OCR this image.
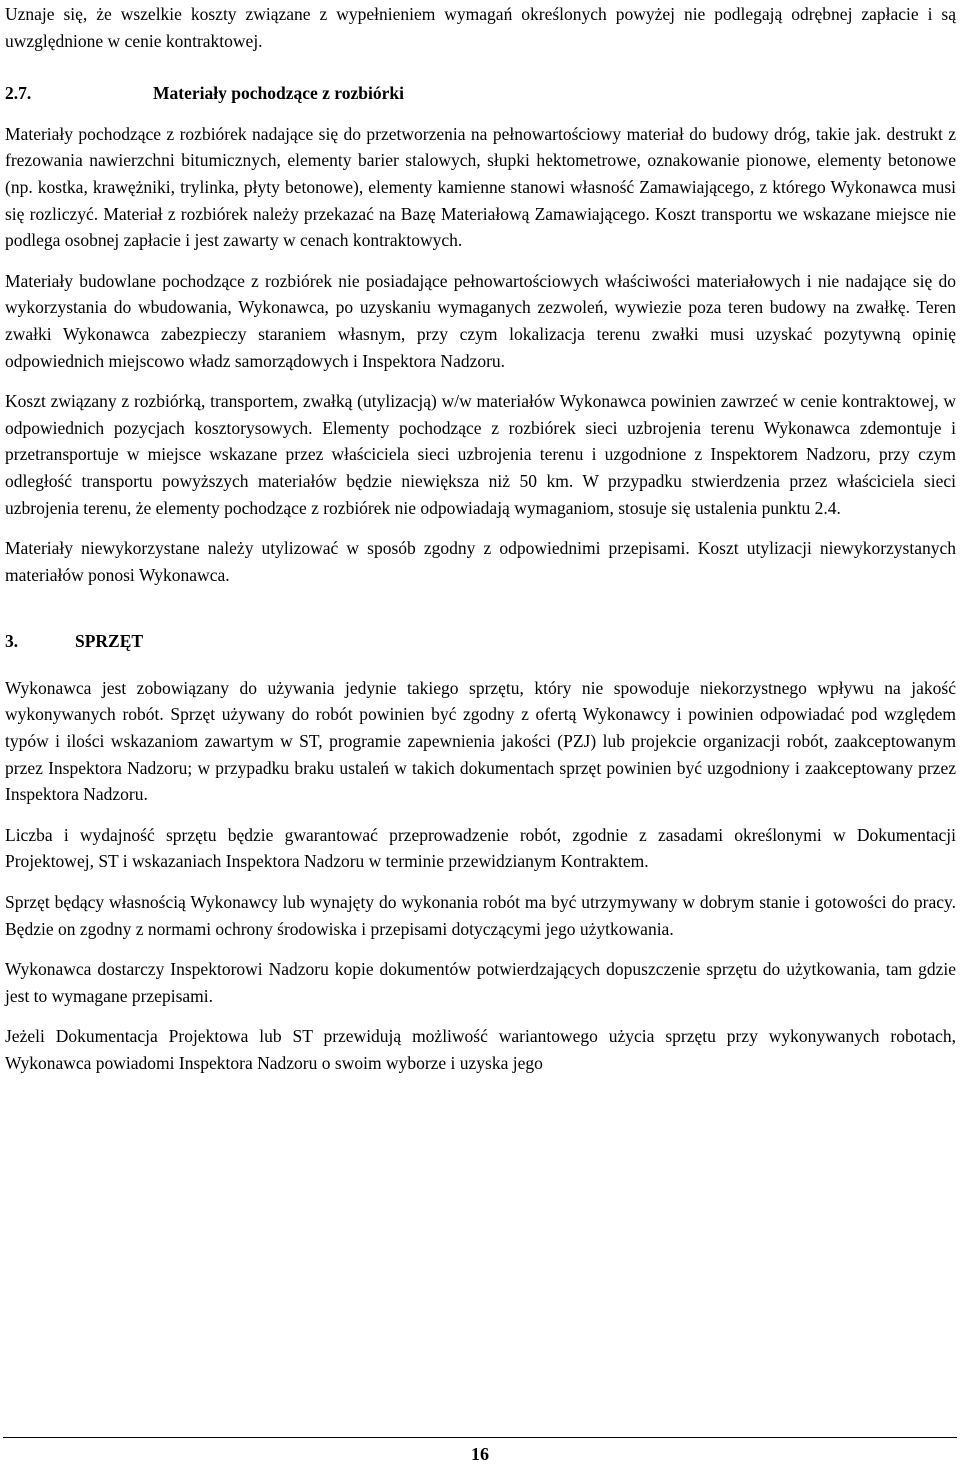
Uznaje się, że wszelkie koszty związane z wypełnieniem wymagań określonych powyżej nie podlegają odrębnej zapłacie i są uwzględnione w cenie kontraktowej.

2.7.	Materiały pochodzące z rozbiórki

Materiały pochodzące z rozbiórek nadające się do przetworzenia na pełnowartościowy materiał do budowy dróg, takie jak. destrukt z frezowania nawierzchni bitumicznych, elementy barier stalowych, słupki hektometrowe, oznakowanie pionowe, elementy betonowe (np. kostka, krawężniki, trylinka, płyty betonowe), elementy kamienne stanowi własność Zamawiającego, z którego Wykonawca musi się rozliczyć. Materiał z rozbiórek należy przekazać na Bazę Materiałową Zamawiającego. Koszt transportu we wskazane miejsce nie podlega osobnej zapłacie i jest zawarty w cenach kontraktowych.

Materiały budowlane pochodzące z rozbiórek nie posiadające pełnowartościowych właściwości materiałowych i nie nadające się do wykorzystania do wbudowania, Wykonawca, po uzyskaniu wymaganych zezwoleń, wywiezie poza teren budowy na zwałkę. Teren zwałki Wykonawca zabezpieczy staraniem własnym, przy czym lokalizacja terenu zwałki musi uzyskać pozytywną opinię odpowiednich miejscowo władz samorządowych i Inspektora Nadzoru.

Koszt związany z rozbiórką, transportem, zwałką (utylizacją) w/w materiałów Wykonawca powinien zawrzeć w cenie kontraktowej, w odpowiednich pozycjach kosztorysowych. Elementy pochodzące z rozbiórek sieci uzbrojenia terenu Wykonawca zdemontuje i przetransportuje w miejsce wskazane przez właściciela sieci uzbrojenia terenu i uzgodnione z Inspektorem Nadzoru, przy czym odległość transportu powyższych materiałów będzie niewiększa niż 50 km. W przypadku stwierdzenia przez właściciela sieci uzbrojenia terenu, że elementy pochodzące z rozbiórek nie odpowiadają wymaganiom, stosuje się ustalenia punktu 2.4.

Materiały niewykorzystane należy utylizować w sposób zgodny z odpowiednimi przepisami. Koszt utylizacji niewykorzystanych materiałów ponosi Wykonawca.

3.	SPRZĘT

Wykonawca jest zobowiązany do używania jedynie takiego sprzętu, który nie spowoduje niekorzystnego wpływu na jakość wykonywanych robót. Sprzęt używany do robót powinien być zgodny z ofertą Wykonawcy i powinien odpowiadać pod względem typów i ilości wskazaniom zawartym w ST, programie zapewnienia jakości (PZJ) lub projekcie organizacji robót, zaakceptowanym przez Inspektora Nadzoru; w przypadku braku ustaleń w takich dokumentach sprzęt powinien być uzgodniony i zaakceptowany przez Inspektora Nadzoru.

Liczba i wydajność sprzętu będzie gwarantować przeprowadzenie robót, zgodnie z zasadami określonymi w Dokumentacji Projektowej, ST i wskazaniach Inspektora Nadzoru w terminie przewidzianym Kontraktem.

Sprzęt będący własnością Wykonawcy lub wynajęty do wykonania robót ma być utrzymywany w dobrym stanie i gotowości do pracy. Będzie on zgodny z normami ochrony środowiska i przepisami dotyczącymi jego użytkowania.

Wykonawca dostarczy Inspektorowi Nadzoru kopie dokumentów potwierdzających dopuszczenie sprzętu do użytkowania, tam gdzie jest to wymagane przepisami.

Jeżeli Dokumentacja Projektowa lub ST przewidują możliwość wariantowego użycia sprzętu przy wykonywanych robotach, Wykonawca powiadomi Inspektora Nadzoru o swoim wyborze i uzyska jego

16
